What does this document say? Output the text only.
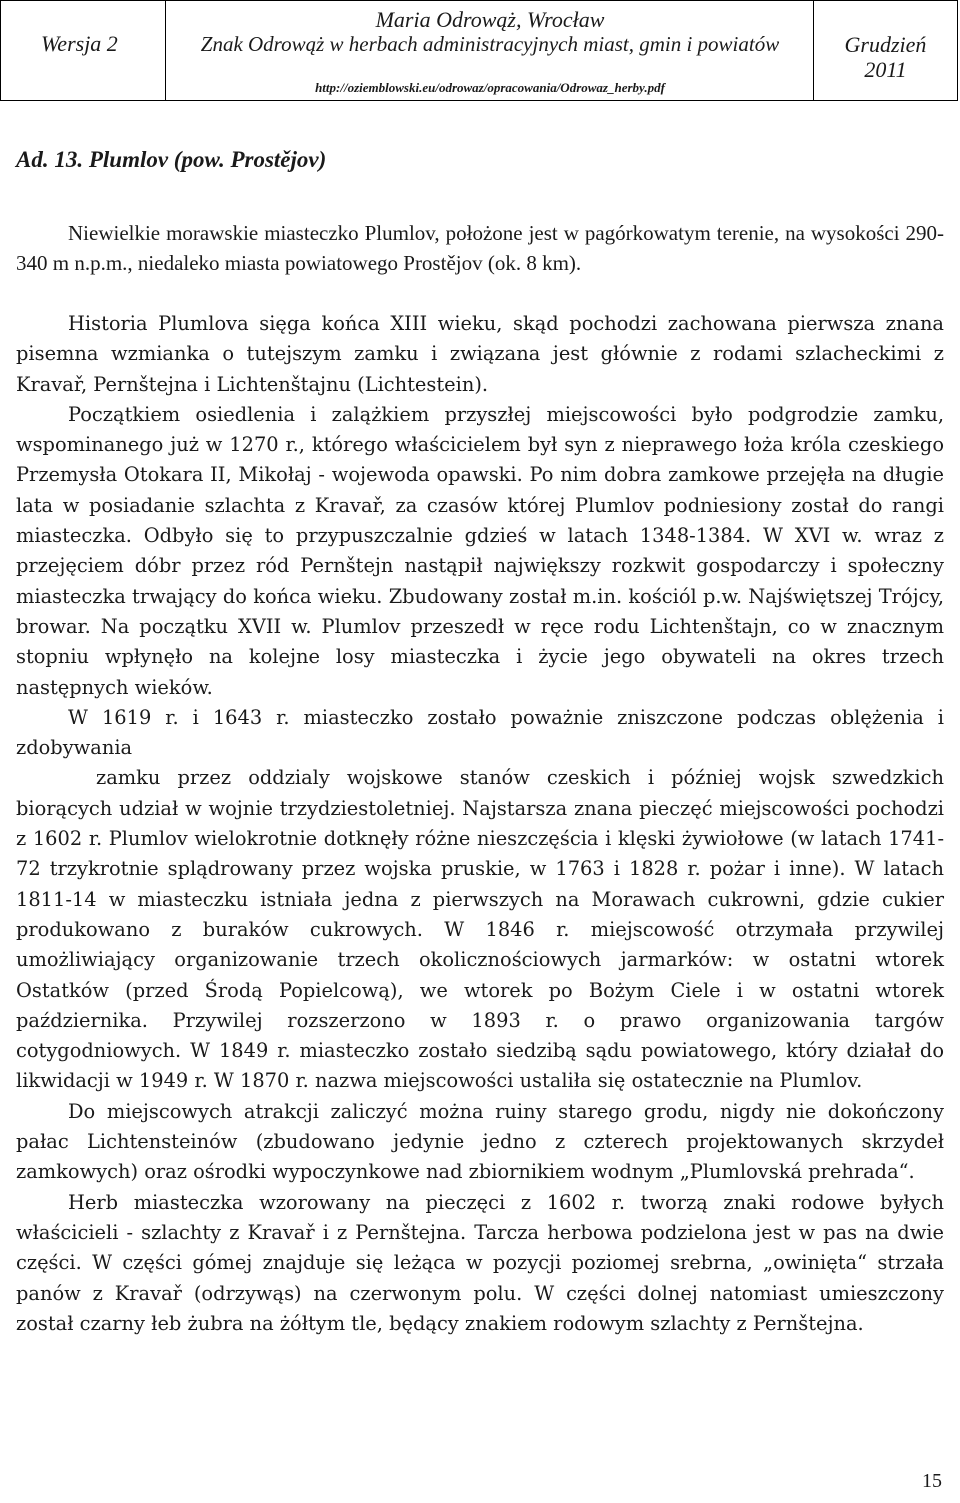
Wersja 2
Maria Odrowąż, Wrocław
Znak Odrowąż w herbach administracyjnych miast, gmin i powiatów
http://oziemblowski.eu/odrowaz/opracowania/Odrowaz_herby.pdf
Grudzień
2011
Ad. 13. Plumlov (pow. Prostějov)

Niewielkie morawskie miasteczko Plumlov, położone jest w pagórkowatym terenie, na wysokości 290- 340 m n.p.m., niedaleko miasta powiatowego Prostějov (ok. 8 km).

Historia Plumlova sięga końca XIII wieku, skąd pochodzi zachowana pierwsza znana pisemna wzmianka o tutejszym zamku i związana jest głównie z rodami szlacheckimi z Kravař, Pernštejna i Lichtenštajnu (Lichtestein).

Początkiem osiedlenia i zalążkiem przyszłej miejscowości było podgrodzie zamku, wspominanego już w 1270 r., którego właścicielem był syn z nieprawego łoża króla czeskiego Przemysła Otokara II, Mikołaj - wojewoda opawski. Po nim dobra zamkowe przejęła na długie lata w posiadanie szlachta z Kravař, za czasów której Plumlov podniesiony został do rangi miasteczka. Odbyło się to przypuszczalnie gdzieś w latach 1348-1384. W XVI w. wraz z przejęciem dóbr przez ród Pernštejn nastąpił największy rozkwit gospodarczy i społeczny miasteczka trwający do końca wieku. Zbudowany został m.in. kościól p.w. Najświętszej Trójcy, browar. Na początku XVII w. Plumlov przeszedł w ręce rodu Lichtenštajn, co w znacznym stopniu wpłynęło na kolejne losy miasteczka i życie jego obywateli na okres trzech następnych wieków.

W 1619 r. i 1643 r. miasteczko zostało poważnie zniszczone podczas oblężenia i zdobywania

zamku przez oddzialy wojskowe stanów czeskich i później wojsk szwedzkich biorących udział w wojnie trzydziestoletniej. Najstarsza znana pieczęć miejscowości pochodzi z 1602 r. Plumlov wielokrotnie dotknęły różne nieszczęścia i klęski żywiołowe (w latach 1741-72 trzykrotnie splądrowany przez wojska pruskie, w 1763 i 1828 r. pożar i inne). W latach 1811-14 w miasteczku istniała jedna z pierwszych na Morawach cukrowni, gdzie cukier produkowano z buraków cukrowych. W 1846 r. miejscowość otrzymała przywilej umożliwiający organizowanie trzech okolicznościowych jarmarków: w ostatni wtorek Ostatków (przed Środą Popielcową), we wtorek po Bożym Ciele i w ostatni wtorek października. Przywilej rozszerzono w 1893 r. o prawo organizowania targów cotygodniowych. W 1849 r. miasteczko zostało siedzibą sądu powiatowego, który działał do likwidacji w 1949 r. W 1870 r. nazwa miejscowości ustaliła się ostatecznie na Plumlov.

Do miejscowych atrakcji zaliczyć można ruiny starego grodu, nigdy nie dokończony pałac Lichtensteinów (zbudowano jedynie jedno z czterech projektowanych skrzydeł zamkowych) oraz ośrodki wypoczynkowe nad zbiornikiem wodnym „Plumlovská prehrada“.

Herb miasteczka wzorowany na pieczęci z 1602 r. tworzą znaki rodowe byłych właścicieli - szlachty z Kravař i z Pernštejna. Tarcza herbowa podzielona jest w pas na dwie części. W części gómej znajduje się leżąca w pozycji poziomej srebrna, „owinięta“ strzała panów z Kravař (odrzywąs) na czerwonym polu. W części dolnej natomiast umieszczony został czarny łeb żubra na żółtym tle, będący znakiem rodowym szlachty z Pernštejna.

15
